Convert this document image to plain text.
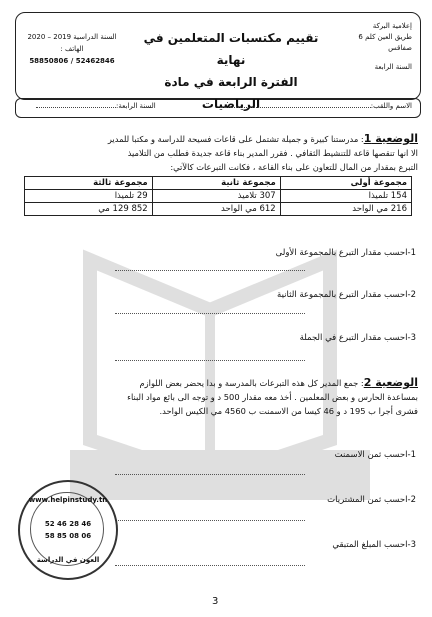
إعلامية البركة
طريق العين كلم 6
صفاقس
السنة الرابعة
تقييم مكتسبات المتعلمين في نهاية
الفترة الرابعة في مادة الرياضيات
السنة الدراسية 2019 – 2020
الهاتف :
58850806 / 52462846
الاسم واللقب:
السنة الرابعة:
الوضعية 1: مدرستنا كبيرة و جميلة تشتمل على قاعات فسيحة للدراسة و مكتبا للمدير
الا انها تنقصها قاعة للتنشيط الثقافي . فقرر المدير بناء قاعة جديدة فطلب من التلاميذ
التبرع بمقدار من المال للتعاون على بناء القاعة ، فكانت التبرعات كالآتي:
مجموعة أولى	مجموعة ثانية	مجموعة ثالثة
154 تلميذا	307 تلاميذ	29 تلميذا
216 مي الواحد	612 مي الواحد	852 129 مي
1-احسب مقدار التبرع بالمجموعة الأولى
2-احسب مقدار التبرع بالمجموعة الثانية
3-احسب مقدار التبرع في الجملة
الوضعية 2: جمع المدير كل هذه التبرعات بالمدرسة و بدا يحضر بعض اللوازم
بمساعدة الحارس و بعض المعلمين . أخذ معه مقدار 500 د و توجه الى بائع مواد البناء
فشرى أجرا ب 195 د و 46 كيسا من الاسمنت ب 4560 مي الكيس الواحد.
1-احسب ثمن الاسمنت
2-احسب ثمن المشتريات
3-احسب المبلغ المتبقي
www.helpinstudy.tn
52 46 28 46
58 85 08 06
العون في الدراسة
3
